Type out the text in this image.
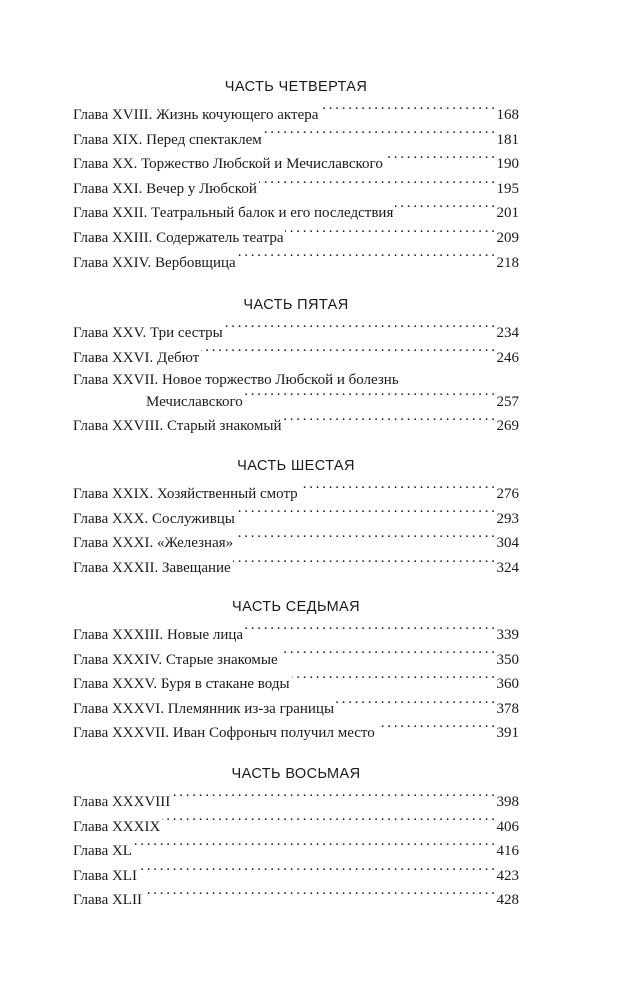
ЧАСТЬ ЧЕТВЕРТАЯ
Глава XVIII. Жизнь кочующего актера . . .	168
Глава XIX. Перед спектаклем . . .	181
Глава XX. Торжество Любской и Мечиславского . . .	190
Глава XXI. Вечер у Любской . . .	195
Глава XXII. Театральный балок и его последствия . . .	201
Глава XXIII. Содержатель театра . . .	209
Глава XXIV. Вербовщица . . .	218
ЧАСТЬ ПЯТАЯ
Глава XXV. Три сестры . . .	234
Глава XXVI. Дебют . . .	246
Глава XXVII. Новое торжество Любской и болезнь
Мечиславского . . .	257
Глава XXVIII. Старый знакомый . . .	269
ЧАСТЬ ШЕСТАЯ
Глава XXIX. Хозяйственный смотр . . .	276
Глава XXX. Сослуживцы . . .	293
Глава XXXI. «Железная» . . .	304
Глава XXXII. Завещание . . .	324
ЧАСТЬ СЕДЬМАЯ
Глава XXXIII. Новые лица . . .	339
Глава XXXIV. Старые знакомые . . .	350
Глава XXXV. Буря в стакане воды . . .	360
Глава XXXVI. Племянник из-за границы . . .	378
Глава XXXVII. Иван Софроныч получил место . . .	391
ЧАСТЬ ВОСЬМАЯ
Глава XXXVIII . . .	398
Глава XXXIX . . .	406
Глава XL . . .	416
Глава XLI . . .	423
Глава XLII . . .	428
